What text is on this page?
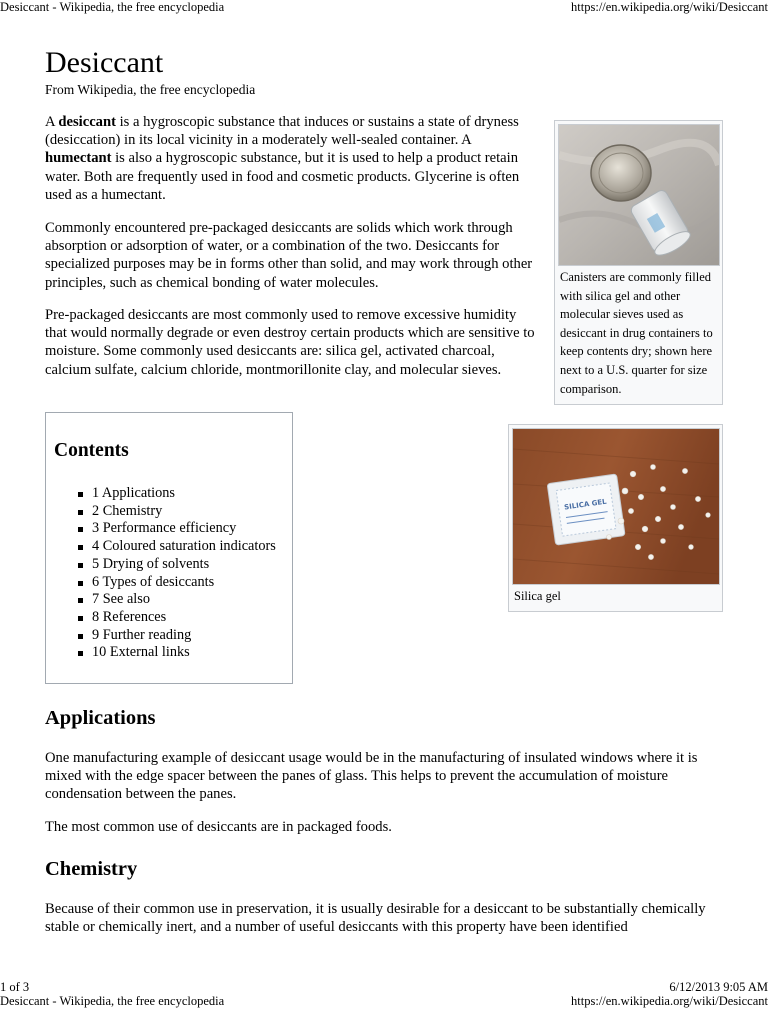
Desiccant - Wikipedia, the free encyclopedia	https://en.wikipedia.org/wiki/Desiccant
Desiccant
From Wikipedia, the free encyclopedia

A desiccant is a hygroscopic substance that induces or sustains a state of dryness (desiccation) in its local vicinity in a moderately well-sealed container. A humectant is also a hygroscopic substance, but it is used to help a product retain water. Both are frequently used in food and cosmetic products. Glycerine is often used as a humectant.

Commonly encountered pre-packaged desiccants are solids which work through absorption or adsorption of water, or a combination of the two. Desiccants for specialized purposes may be in forms other than solid, and may work through other principles, such as chemical bonding of water molecules.

Pre-packaged desiccants are most commonly used to remove excessive humidity that would normally degrade or even destroy certain products which are sensitive to moisture. Some commonly used desiccants are: silica gel, activated charcoal, calcium sulfate, calcium chloride, montmorillonite clay, and molecular sieves.

Canisters are commonly filled with silica gel and other molecular sieves used as desiccant in drug containers to keep contents dry; shown here next to a U.S. quarter for size comparison.
SILICA GEL
Silica gel
Contents
1 Applications
2 Chemistry
3 Performance efficiency
4 Coloured saturation indicators
5 Drying of solvents
6 Types of desiccants
7 See also
8 References
9 Further reading
10 External links
Applications

One manufacturing example of desiccant usage would be in the manufacturing of insulated windows where it is mixed with the edge spacer between the panes of glass. This helps to prevent the accumulation of moisture condensation between the panes.

The most common use of desiccants are in packaged foods.

Chemistry

Because of their common use in preservation, it is usually desirable for a desiccant to be substantially chemically stable or chemically inert, and a number of useful desiccants with this property have been identified

1 of 3	6/12/2013 9:05 AM
Desiccant - Wikipedia, the free encyclopedia	https://en.wikipedia.org/wiki/Desiccant
